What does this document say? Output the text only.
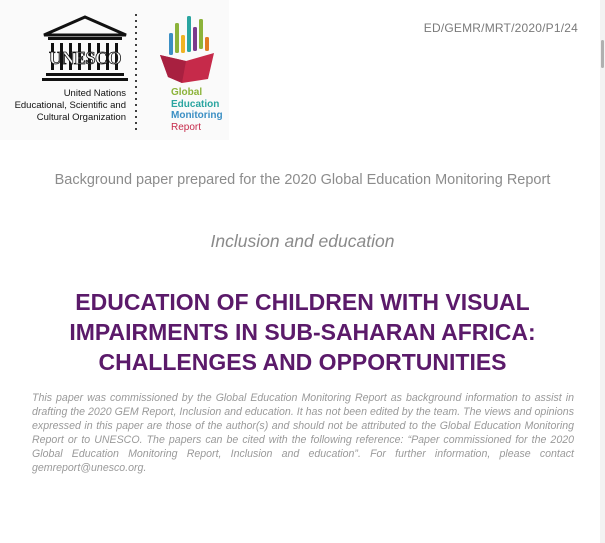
UNESCO
United Nations
Educational, Scientific and
Cultural Organization
Global
Education
Monitoring
Report
ED/GEMR/MRT/2020/P1/24
Background paper prepared for the 2020 Global Education Monitoring Report
Inclusion and education
EDUCATION OF CHILDREN WITH VISUAL
IMPAIRMENTS IN SUB-SAHARAN AFRICA:
CHALLENGES AND OPPORTUNITIES
This paper was commissioned by the Global Education Monitoring Report as background information to assist in drafting the 2020 GEM Report, Inclusion and education. It has not been edited by the team. The views and opinions expressed in this paper are those of the author(s) and should not be attributed to the Global Education Monitoring Report or to UNESCO. The papers can be cited with the following reference: “Paper commissioned for the 2020 Global Education Monitoring Report, Inclusion and education”. For further information, please contact gemreport@unesco.org.
